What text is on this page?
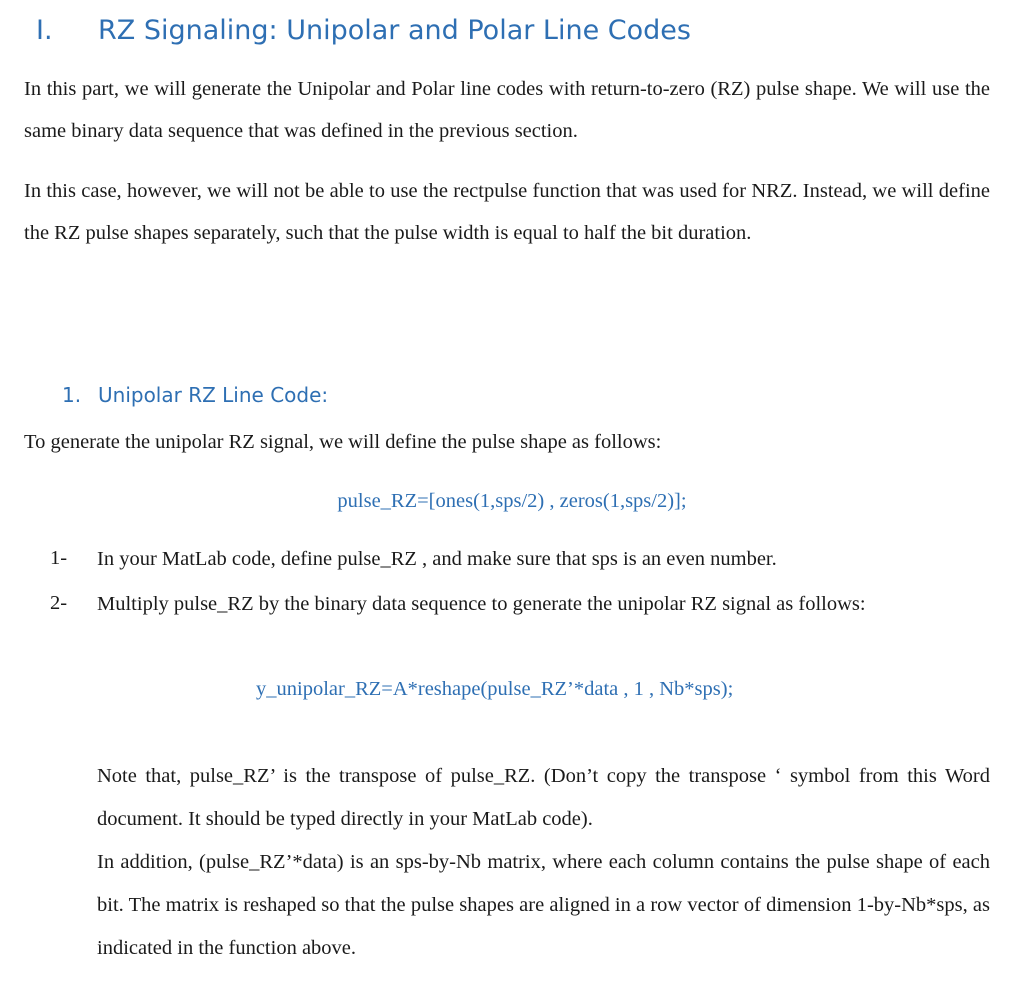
I. RZ Signaling: Unipolar and Polar Line Codes
In this part, we will generate the Unipolar and Polar line codes with return-to-zero (RZ) pulse shape. We will use the same binary data sequence that was defined in the previous section.
In this case, however, we will not be able to use the rectpulse function that was used for NRZ. Instead, we will define the RZ pulse shapes separately, such that the pulse width is equal to half the bit duration.
1. Unipolar RZ Line Code:
To generate the unipolar RZ signal, we will define the pulse shape as follows:
pulse_RZ=[ones(1,sps/2) , zeros(1,sps/2)];
1- In your MatLab code, define pulse_RZ , and make sure that sps is an even number.
2- Multiply pulse_RZ by the binary data sequence to generate the unipolar RZ signal as follows:
y_unipolar_RZ=A*reshape(pulse_RZ’*data , 1 , Nb*sps);
Note that, pulse_RZ’ is the transpose of pulse_RZ. (Don’t copy the transpose ‘ symbol from this Word document. It should be typed directly in your MatLab code).
In addition, (pulse_RZ’*data) is an sps-by-Nb matrix, where each column contains the pulse shape of each bit. The matrix is reshaped so that the pulse shapes are aligned in a row vector of dimension 1-by-Nb*sps, as indicated in the function above.
